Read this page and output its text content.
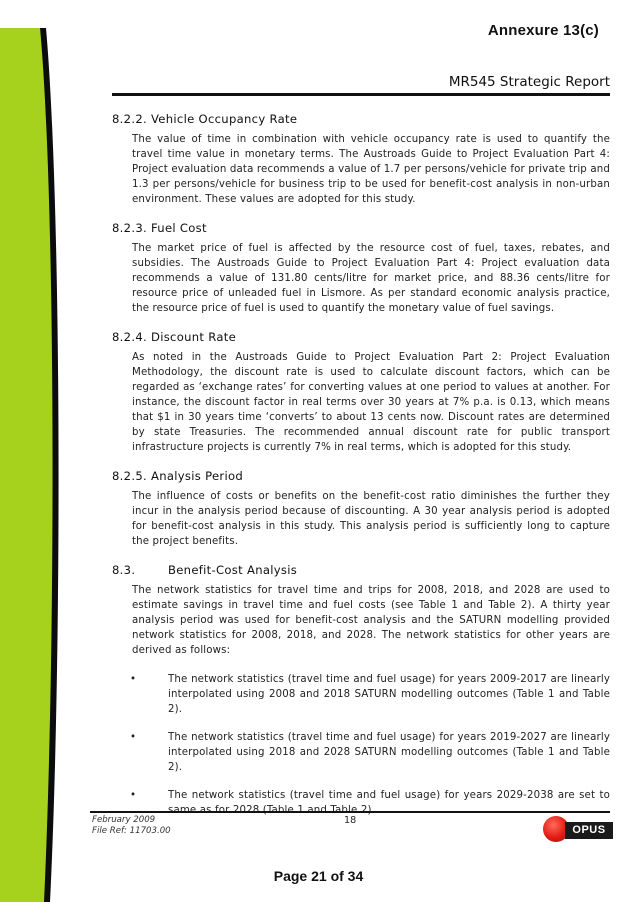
Annexure 13(c)
MR545 Strategic Report
8.2.2. Vehicle Occupancy Rate

The value of time in combination with vehicle occupancy rate is used to quantify the travel time value in monetary terms. The Austroads Guide to Project Evaluation Part 4: Project evaluation data recommends a value of 1.7 per persons/vehicle for private trip and 1.3 per persons/vehicle for business trip to be used for benefit-cost analysis in non-urban environment. These values are adopted for this study.

8.2.3. Fuel Cost

The market price of fuel is affected by the resource cost of fuel, taxes, rebates, and subsidies. The Austroads Guide to Project Evaluation Part 4: Project evaluation data recommends a value of 131.80 cents/litre for market price, and 88.36 cents/litre for resource price of unleaded fuel in Lismore. As per standard economic analysis practice, the resource price of fuel is used to quantify the monetary value of fuel savings.

8.2.4. Discount Rate

As noted in the Austroads Guide to Project Evaluation Part 2: Project Evaluation Methodology, the discount rate is used to calculate discount factors, which can be regarded as ‘exchange rates’ for converting values at one period to values at another. For instance, the discount factor in real terms over 30 years at 7% p.a. is 0.13, which means that $1 in 30 years time ‘converts’ to about 13 cents now. Discount rates are determined by state Treasuries. The recommended annual discount rate for public transport infrastructure projects is currently 7% in real terms, which is adopted for this study.

8.2.5. Analysis Period

The influence of costs or benefits on the benefit-cost ratio diminishes the further they incur in the analysis period because of discounting. A 30 year analysis period is adopted for benefit-cost analysis in this study. This analysis period is sufficiently long to capture the project benefits.

8.3.	Benefit-Cost Analysis

The network statistics for travel time and trips for 2008, 2018, and 2028 are used to estimate savings in travel time and fuel costs (see Table 1 and Table 2). A thirty year analysis period was used for benefit-cost analysis and the SATURN modelling provided network statistics for 2008, 2018, and 2028. The network statistics for other years are derived as follows:

•	The network statistics (travel time and fuel usage) for years 2009-2017 are linearly interpolated using 2008 and 2018 SATURN modelling outcomes (Table 1 and Table 2).
•	The network statistics (travel time and fuel usage) for years 2019-2027 are linearly interpolated using 2018 and 2028 SATURN modelling outcomes (Table 1 and Table 2).
•	The network statistics (travel time and fuel usage) for years 2029-2038 are set to
February 2009
File Ref: 11703.00
18
OPUS
Page 21 of 34
